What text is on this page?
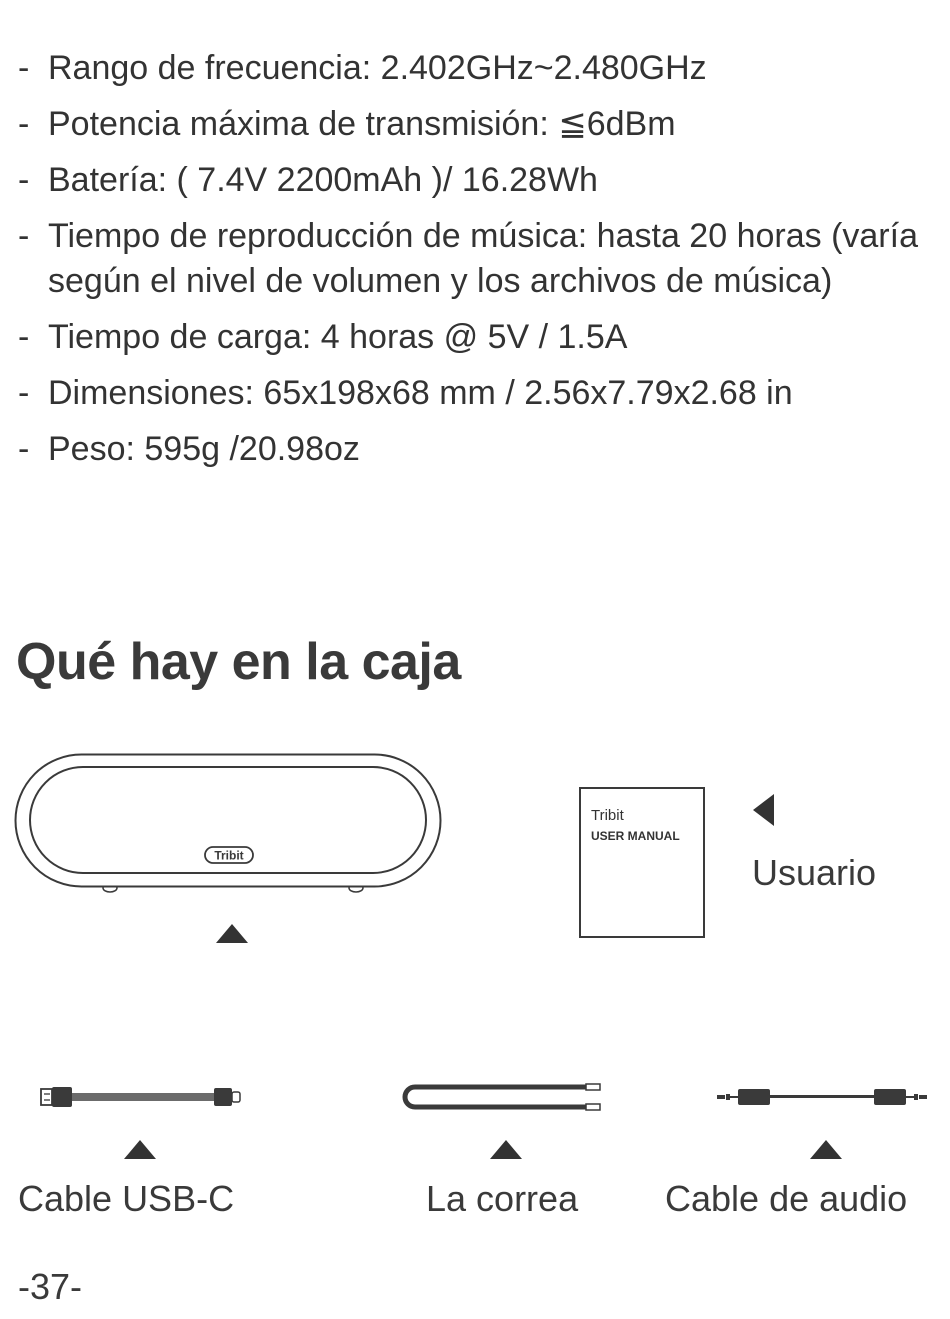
- Rango de frecuencia: 2.402GHz~2.480GHz
- Potencia máxima de transmisión: ≦6dBm
- Batería: ( 7.4V 2200mAh )/ 16.28Wh
- Tiempo de reproducción de música: hasta 20 horas (varía según el nivel de volumen y los archivos de música)
- Tiempo de carga: 4 horas @ 5V / 1.5A
- Dimensiones: 65x198x68 mm / 2.56x7.79x2.68 in
- Peso: 595g /20.98oz
Qué hay en la caja
Tribit
Tribit
USER MANUAL
Usuario
Cable USB-C	La correa Cable de audio
-37-
